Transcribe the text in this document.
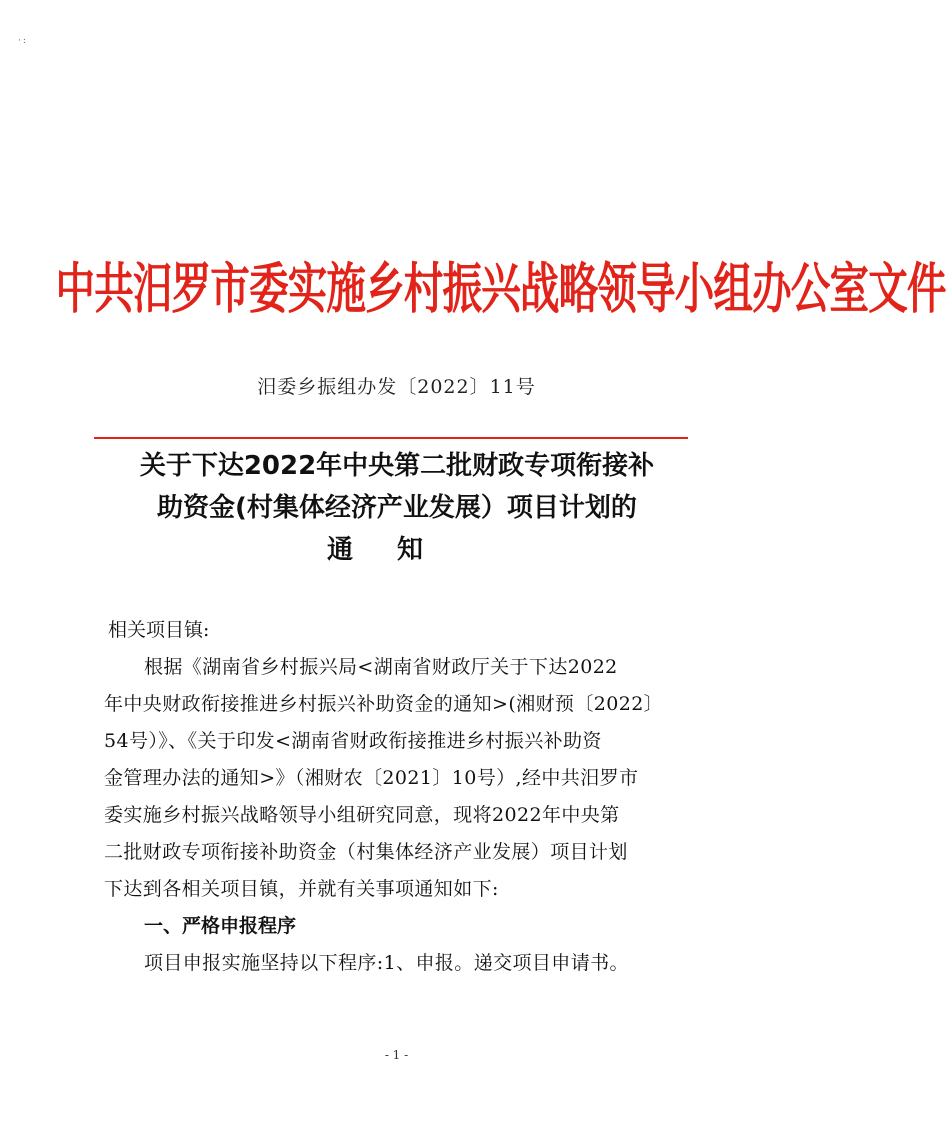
·:
中共汨罗市委实施乡村振兴战略领导小组办公室文件
汨委乡振组办发〔2022〕11号
关于下达2022年中央第二批财政专项衔接补
助资金(村集体经济产业发展）项目计划的
通知
相关项目镇:
根据《湖南省乡村振兴局<湖南省财政厅关于下达2022
年中央财政衔接推进乡村振兴补助资金的通知>(湘财预〔2022〕
54号）》、《关于印发<湖南省财政衔接推进乡村振兴补助资
金管理办法的通知>》（湘财农〔2021〕10号）,经中共汨罗市
委实施乡村振兴战略领导小组研究同意，现将2022年中央第
二批财政专项衔接补助资金（村集体经济产业发展）项目计划
下达到各相关项目镇，并就有关事项通知如下:
一、严格申报程序
项目申报实施坚持以下程序:1、申报。递交项目申请书。
- 1 -
